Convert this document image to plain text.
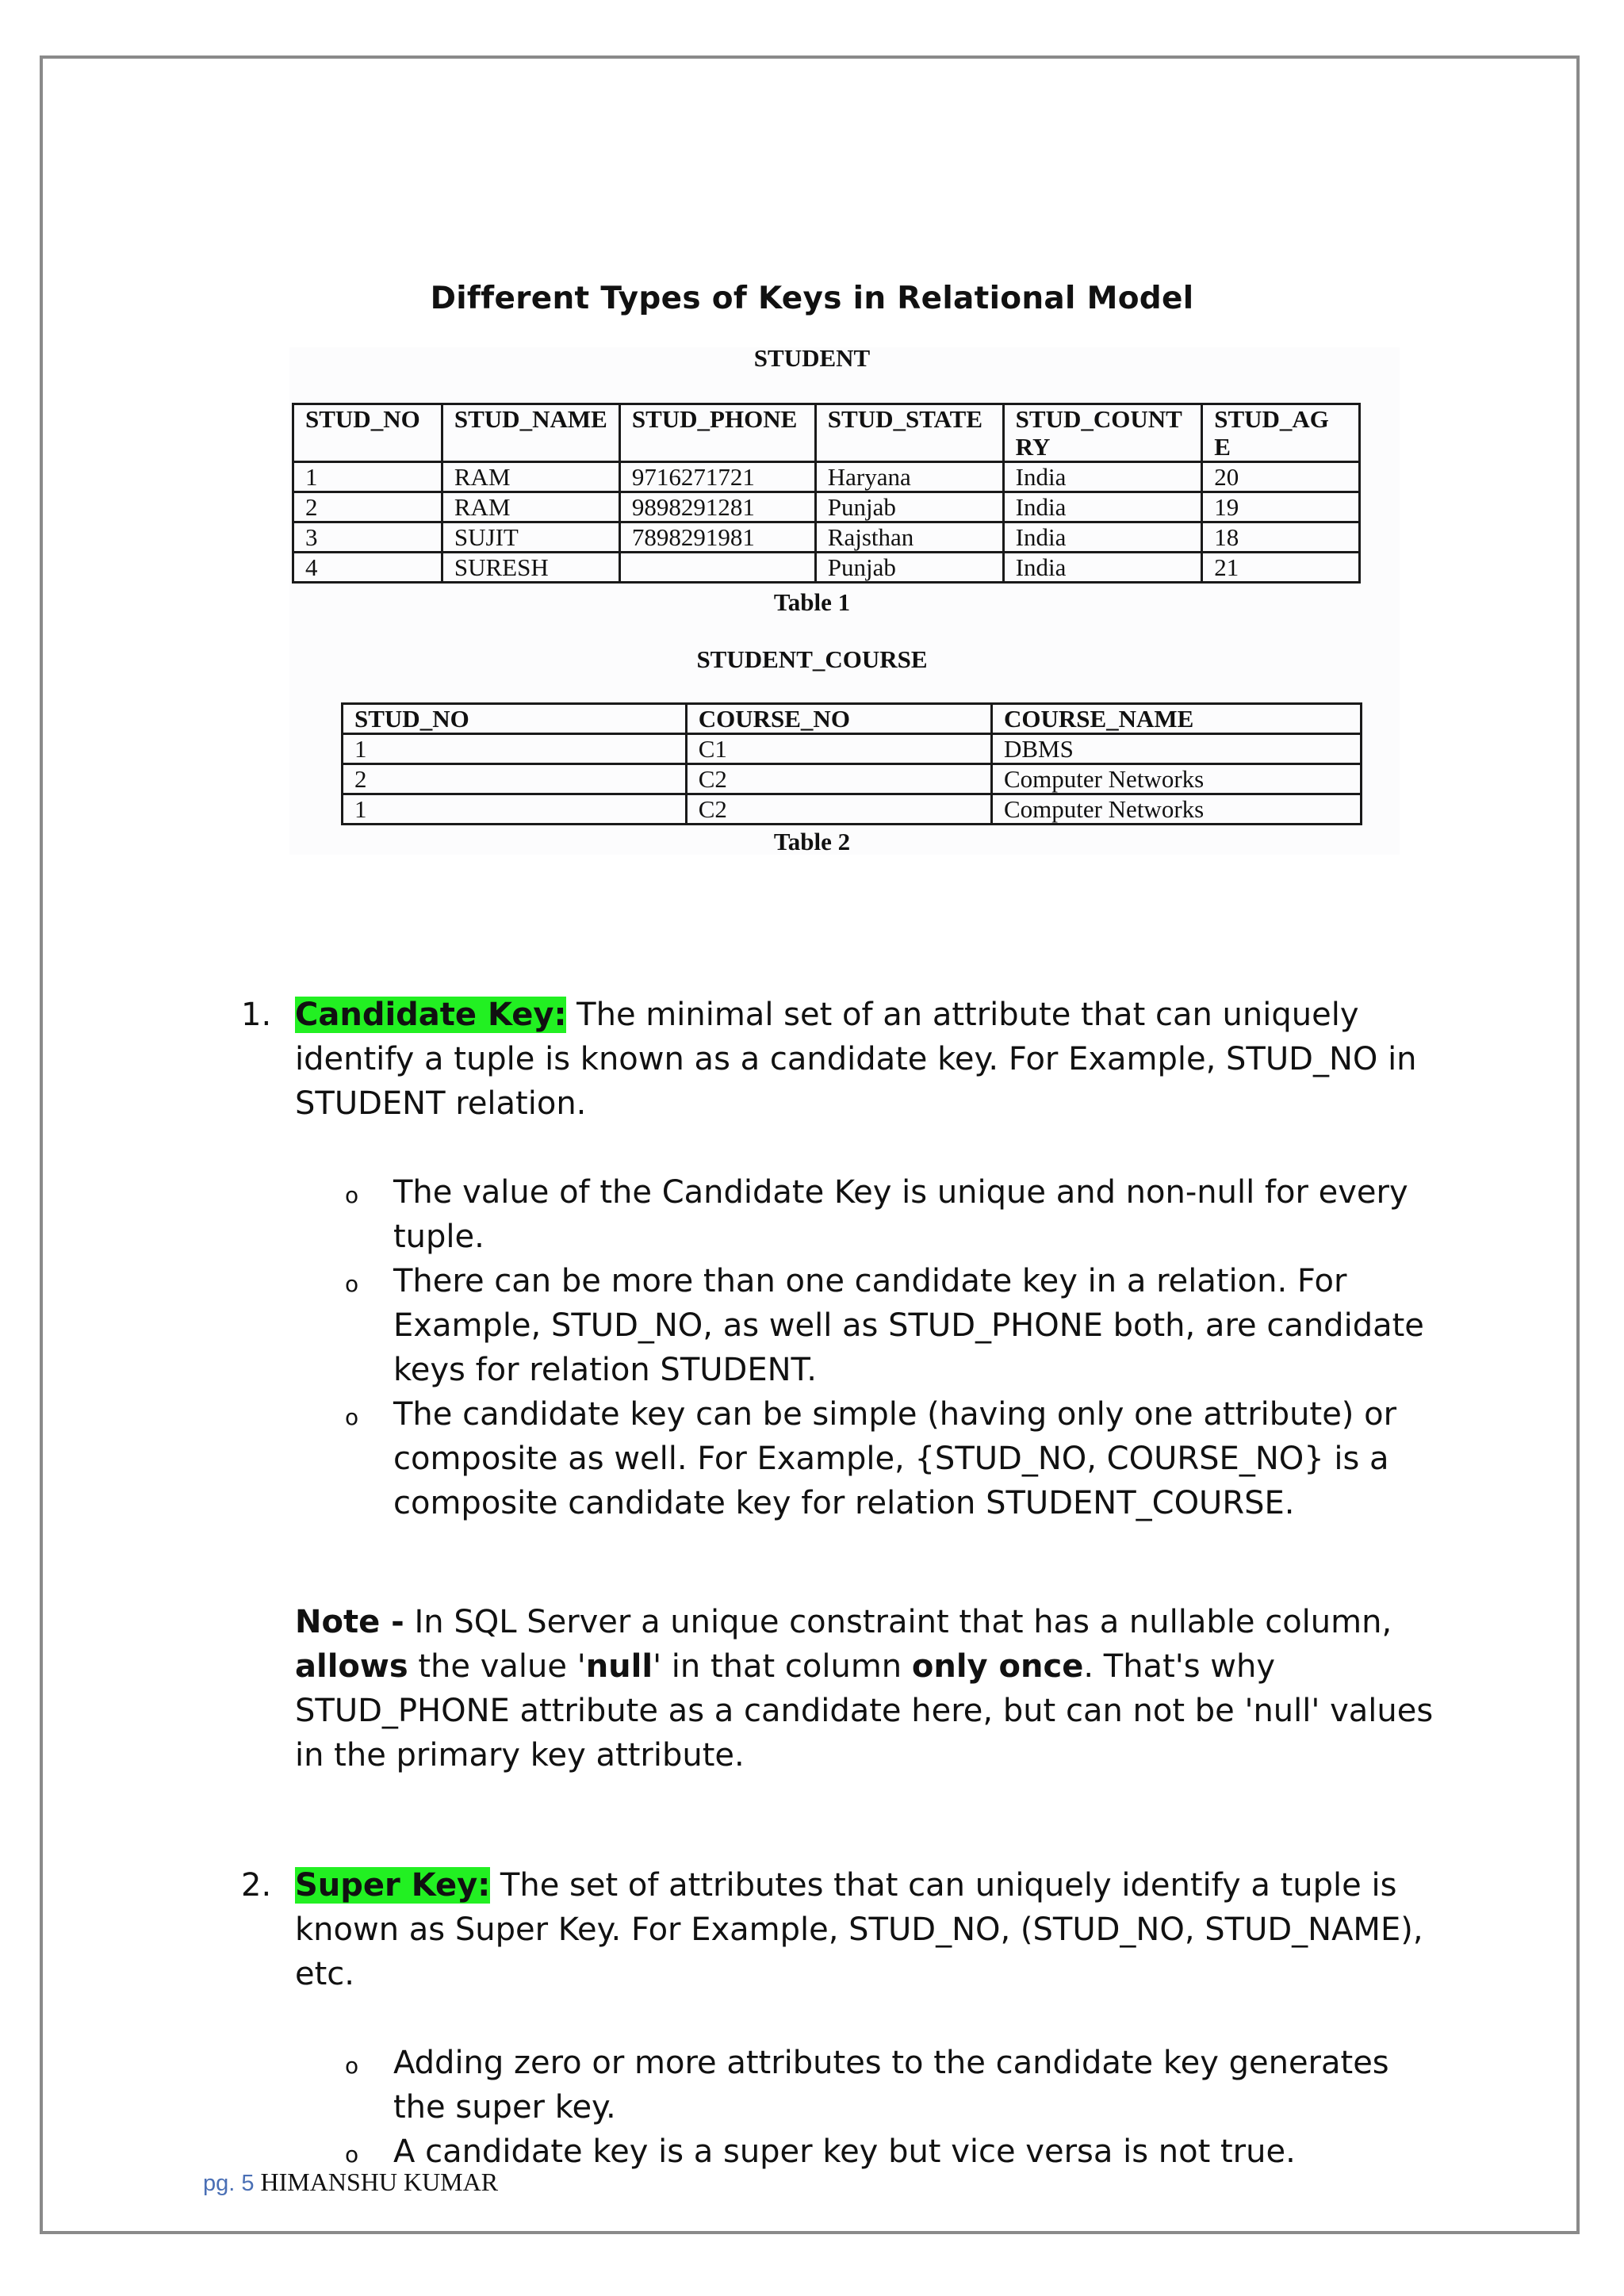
Different Types of Keys in Relational Model

STUDENT

STUD_NO	STUD_NAME	STUD_PHONE	STUD_STATE	STUD_COUNT RY	STUD_AG E
1	RAM	9716271721	Haryana	India	20
2	RAM	9898291281	Punjab	India	19
3	SUJIT	7898291981	Rajsthan	India	18
4	SURESH		Punjab	India	21

Table 1

STUDENT_COURSE

STUD_NO	COURSE_NO	COURSE_NAME
1	C1	DBMS
2	C2	Computer Networks
1	C2	Computer Networks

Table 2

1. Candidate Key: The minimal set of an attribute that can uniquely identify a tuple is known as a candidate key. For Example, STUD_NO in STUDENT relation.
o The value of the Candidate Key is unique and non-null for every tuple.
o There can be more than one candidate key in a relation. For Example, STUD_NO, as well as STUD_PHONE both, are candidate keys for relation STUDENT.
o The candidate key can be simple (having only one attribute) or composite as well. For Example, {STUD_NO, COURSE_NO} is a composite candidate key for relation STUDENT_COURSE.
Note - In SQL Server a unique constraint that has a nullable column, allows the value 'null' in that column only once. That's why STUD_PHONE attribute as a candidate here, but can not be 'null' values in the primary key attribute.
2. Super Key: The set of attributes that can uniquely identify a tuple is known as Super Key. For Example, STUD_NO, (STUD_NO, STUD_NAME), etc.
o Adding zero or more attributes to the candidate key generates the super key.
o A candidate key is a super key but vice versa is not true.
pg. 5 HIMANSHU KUMAR
